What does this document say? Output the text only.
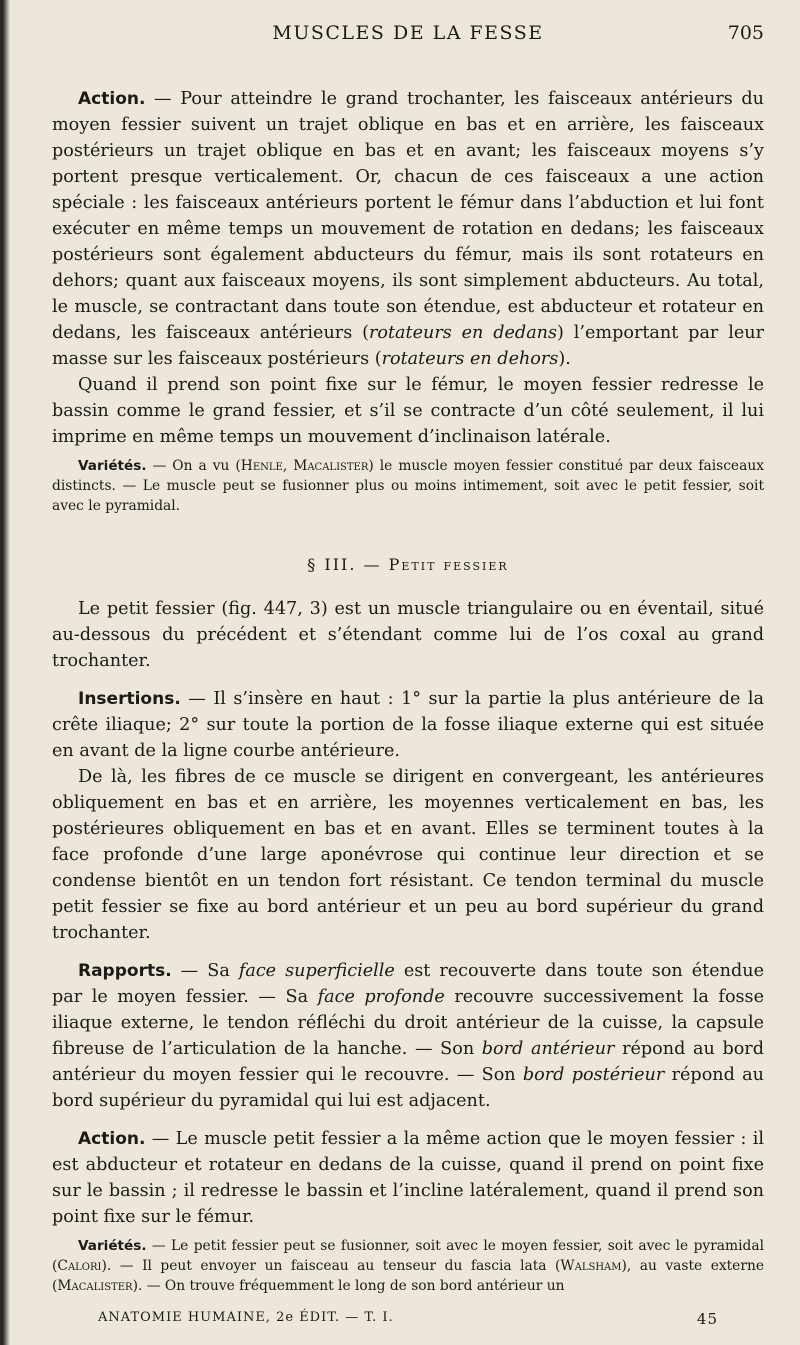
MUSCLES DE LA FESSE	705

Action. — Pour atteindre le grand trochanter, les faisceaux antérieurs du moyen fessier suivent un trajet oblique en bas et en arrière, les faisceaux postérieurs un trajet oblique en bas et en avant; les faisceaux moyens s’y portent presque verticalement. Or, chacun de ces faisceaux a une action spéciale : les faisceaux antérieurs portent le fémur dans l’abduction et lui font exécuter en même temps un mouvement de rotation en dedans; les faisceaux postérieurs sont également abducteurs du fémur, mais ils sont rotateurs en dehors; quant aux faisceaux moyens, ils sont simplement abducteurs. Au total, le muscle, se contractant dans toute son étendue, est abducteur et rotateur en dedans, les faisceaux antérieurs (rotateurs en dedans) l’emportant par leur masse sur les faisceaux postérieurs (rotateurs en dehors).

Quand il prend son point fixe sur le fémur, le moyen fessier redresse le bassin comme le grand fessier, et s’il se contracte d’un côté seulement, il lui imprime en même temps un mouvement d’inclinaison latérale.

Variétés. — On a vu (Henle, Macalister) le muscle moyen fessier constitué par deux faisceaux distincts. — Le muscle peut se fusionner plus ou moins intimement, soit avec le petit fessier, soit avec le pyramidal.

§ III. — Petit fessier

Le petit fessier (fig. 447, 3) est un muscle triangulaire ou en éventail, situé au-dessous du précédent et s’étendant comme lui de l’os coxal au grand trochanter.

Insertions. — Il s’insère en haut : 1° sur la partie la plus antérieure de la crête iliaque; 2° sur toute la portion de la fosse iliaque externe qui est située en avant de la ligne courbe antérieure.

De là, les fibres de ce muscle se dirigent en convergeant, les antérieures obliquement en bas et en arrière, les moyennes verticalement en bas, les postérieures obliquement en bas et en avant. Elles se terminent toutes à la face profonde d’une large aponévrose qui continue leur direction et se condense bientôt en un tendon fort résistant. Ce tendon terminal du muscle petit fessier se fixe au bord antérieur et un peu au bord supérieur du grand trochanter.

Rapports. — Sa face superficielle est recouverte dans toute son étendue par le moyen fessier. — Sa face profonde recouvre successivement la fosse iliaque externe, le tendon réfléchi du droit antérieur de la cuisse, la capsule fibreuse de l’articulation de la hanche. — Son bord antérieur répond au bord antérieur du moyen fessier qui le recouvre. — Son bord postérieur répond au bord supérieur du pyramidal qui lui est adjacent.

Action. — Le muscle petit fessier a la même action que le moyen fessier : il est abducteur et rotateur en dedans de la cuisse, quand il prend on point fixe sur le bassin ; il redresse le bassin et l’incline latéralement, quand il prend son point fixe sur le fémur.

Variétés. — Le petit fessier peut se fusionner, soit avec le moyen fessier, soit avec le pyramidal (Calori). — Il peut envoyer un faisceau au tenseur du fascia lata (Walsham), au vaste externe (Macalister). — On trouve fréquemment le long de son bord antérieur un

ANATOMIE HUMAINE, 2e ÉDIT. — T. I.	45
